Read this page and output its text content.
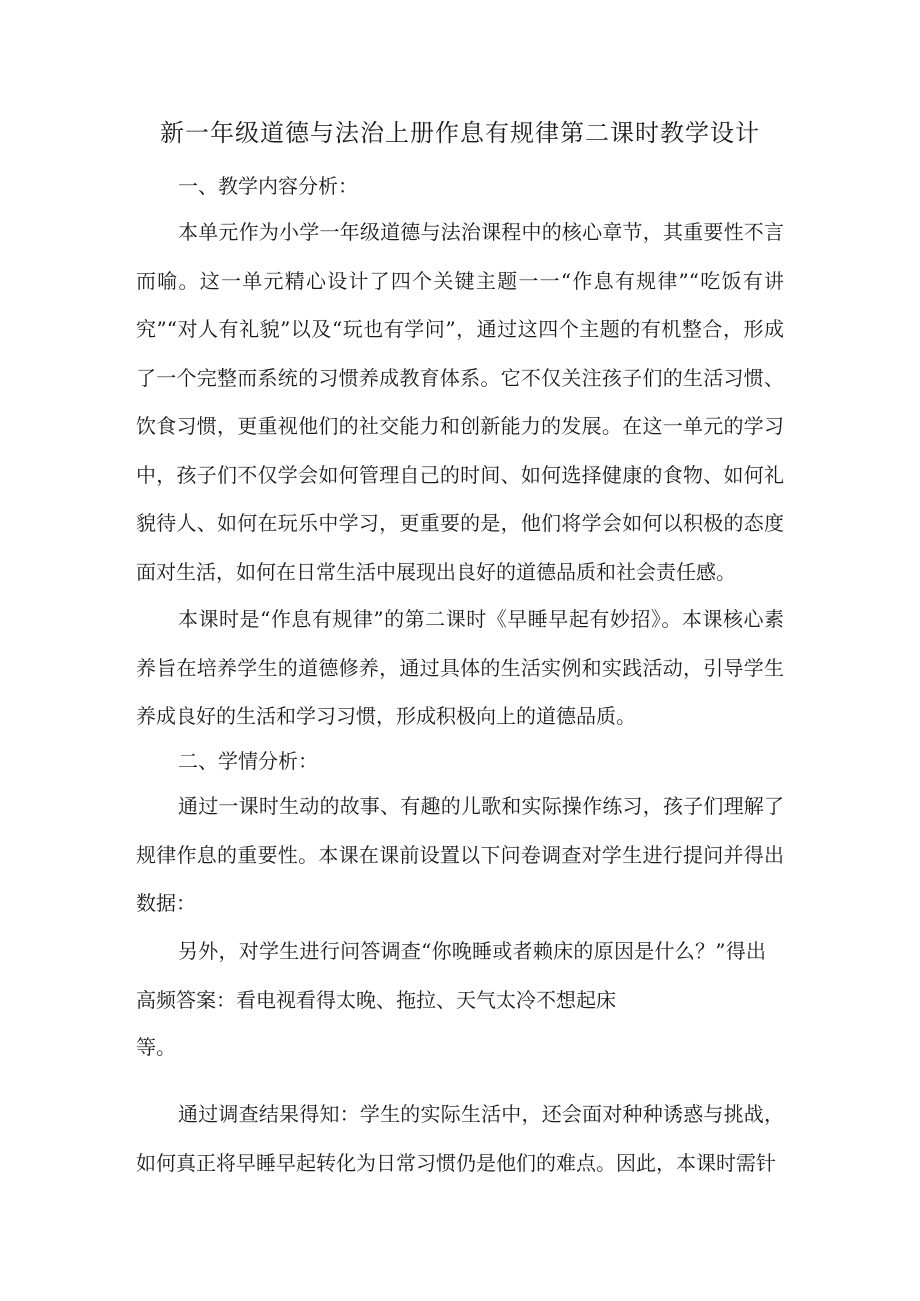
新一年级道德与法治上册作息有规律第二课时教学设计
一、教学内容分析：

本单元作为小学一年级道德与法治课程中的核心章节，其重要性不言而喻。这一单元精心设计了四个关键主题一一“作息有规律”“吃饭有讲究”“对人有礼貌”以及“玩也有学问”，通过这四个主题的有机整合，形成了一个完整而系统的习惯养成教育体系。它不仅关注孩子们的生活习惯、饮食习惯，更重视他们的社交能力和创新能力的发展。在这一单元的学习中，孩子们不仅学会如何管理自己的时间、如何选择健康的食物、如何礼貌待人、如何在玩乐中学习，更重要的是，他们将学会如何以积极的态度面对生活，如何在日常生活中展现出良好的道德品质和社会责任感。

本课时是“作息有规律”的第二课时《早睡早起有妙招》。本课核心素养旨在培养学生的道德修养，通过具体的生活实例和实践活动，引导学生养成良好的生活和学习习惯，形成积极向上的道德品质。

二、学情分析：

通过一课时生动的故事、有趣的儿歌和实际操作练习，孩子们理解了规律作息的重要性。本课在课前设置以下问卷调查对学生进行提问并得出数据：

另外，对学生进行问答调查“你晚睡或者赖床的原因是什么？”得出高频答案：看电视看得太晚、拖拉、天气太冷不想起床

等。

通过调查结果得知：学生的实际生活中，还会面对种种诱惑与挑战，如何真正将早睡早起转化为日常习惯仍是他们的难点。因此，本课时需针
